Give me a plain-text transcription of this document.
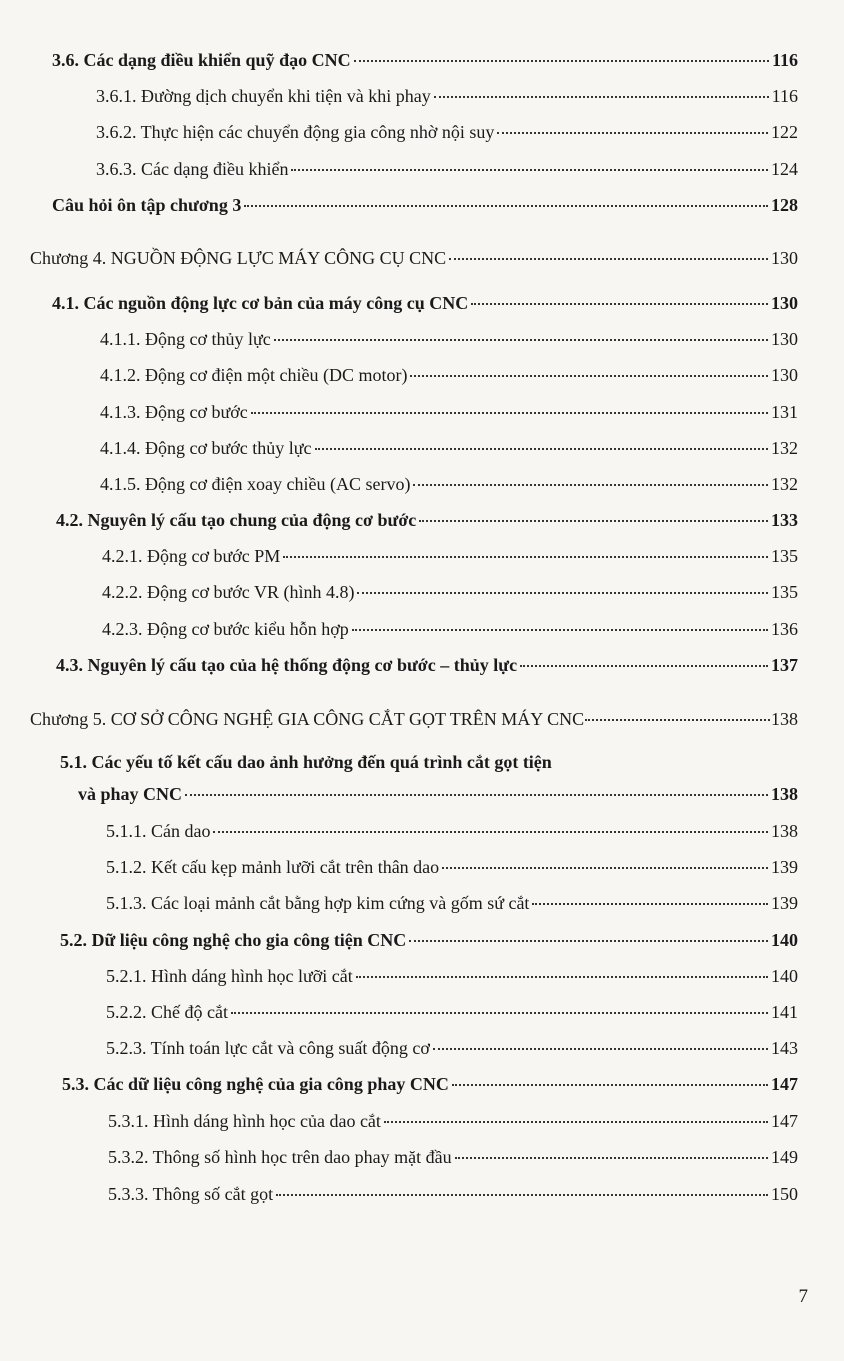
3.6. Các dạng điều khiển quỹ đạo CNC	116
3.6.1. Đường dịch chuyển khi tiện và khi phay	116
3.6.2. Thực hiện các chuyển động gia công nhờ nội suy	122
3.6.3. Các dạng điều khiển	124
Câu hỏi ôn tập chương 3	128
Chương 4. NGUỒN ĐỘNG LỰC MÁY CÔNG CỤ CNC	130
4.1. Các nguồn động lực cơ bản của máy công cụ CNC	130
4.1.1. Động cơ thủy lực	130
4.1.2. Động cơ điện một chiều (DC motor)	130
4.1.3. Động cơ bước	131
4.1.4. Động cơ bước thủy lực	132
4.1.5. Động cơ điện xoay chiều (AC servo)	132
4.2. Nguyên lý cấu tạo chung của động cơ bước	133
4.2.1. Động cơ bước PM	135
4.2.2. Động cơ bước VR (hình 4.8)	135
4.2.3. Động cơ bước kiểu hỗn hợp	136
4.3. Nguyên lý cấu tạo của hệ thống động cơ bước – thủy lực	137
Chương 5. CƠ SỞ CÔNG NGHỆ GIA CÔNG CẮT GỌT TRÊN MÁY CNC	138
5.1. Các yếu tố kết cấu dao ảnh hưởng đến quá trình cắt gọt tiện
và phay CNC	138
5.1.1. Cán dao	138
5.1.2. Kết cấu kẹp mảnh lưỡi cắt trên thân dao	139
5.1.3. Các loại mảnh cắt bằng hợp kim cứng và gốm sứ cắt	139
5.2. Dữ liệu công nghệ cho gia công tiện CNC	140
5.2.1. Hình dáng hình học lưỡi cắt	140
5.2.2. Chế độ cắt	141
5.2.3. Tính toán lực cắt và công suất động cơ	143
5.3. Các dữ liệu công nghệ của gia công phay CNC	147
5.3.1. Hình dáng hình học của dao cắt	147
5.3.2. Thông số hình học trên dao phay mặt đầu	149
5.3.3. Thông số cắt gọt	150
7
